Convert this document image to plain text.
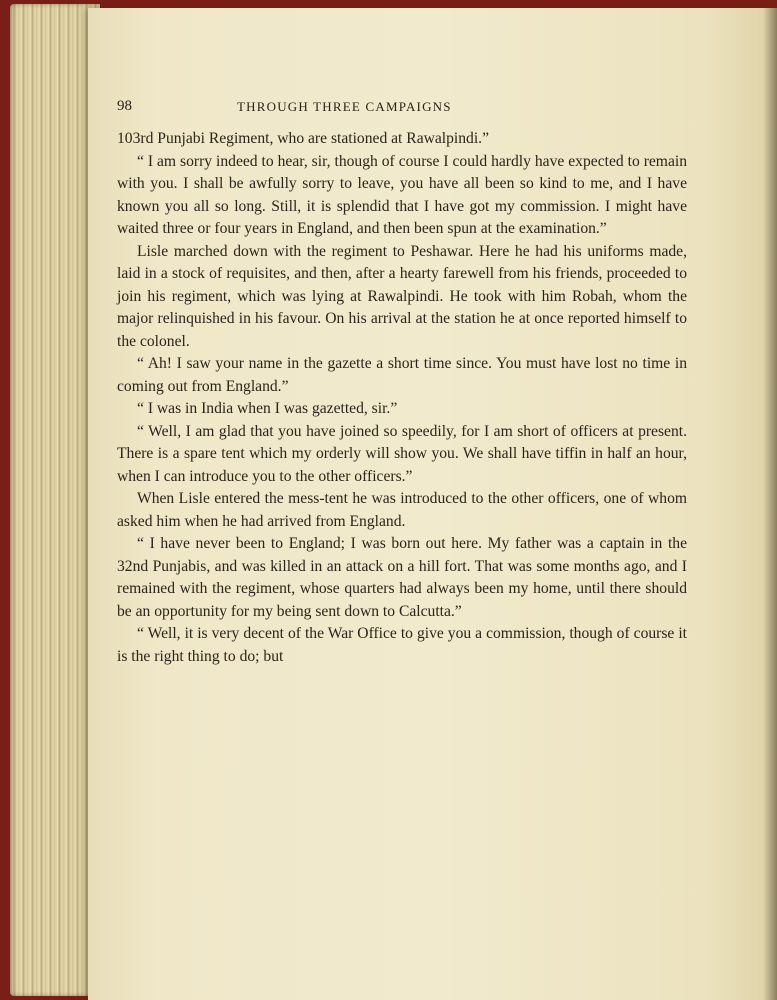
98	THROUGH THREE CAMPAIGNS

103rd Punjabi Regiment, who are stationed at Rawalpindi.”

“ I am sorry indeed to hear, sir, though of course I could hardly have expected to remain with you. I shall be awfully sorry to leave, you have all been so kind to me, and I have known you all so long. Still, it is splendid that I have got my commission. I might have waited three or four years in England, and then been spun at the examination.”

Lisle marched down with the regiment to Peshawar. Here he had his uniforms made, laid in a stock of requisites, and then, after a hearty farewell from his friends, proceeded to join his regiment, which was lying at Rawalpindi. He took with him Robah, whom the major relinquished in his favour. On his arrival at the station he at once reported himself to the colonel.

“ Ah! I saw your name in the gazette a short time since. You must have lost no time in coming out from England.”

“ I was in India when I was gazetted, sir.”

“ Well, I am glad that you have joined so speedily, for I am short of officers at present. There is a spare tent which my orderly will show you. We shall have tiffin in half an hour, when I can introduce you to the other officers.”

When Lisle entered the mess-tent he was introduced to the other officers, one of whom asked him when he had arrived from England.

“ I have never been to England; I was born out here. My father was a captain in the 32nd Punjabis, and was killed in an attack on a hill fort. That was some months ago, and I remained with the regiment, whose quarters had always been my home, until there should be an opportunity for my being sent down to Calcutta.”

“ Well, it is very decent of the War Office to give you a commission, though of course it is the right thing to do; but
